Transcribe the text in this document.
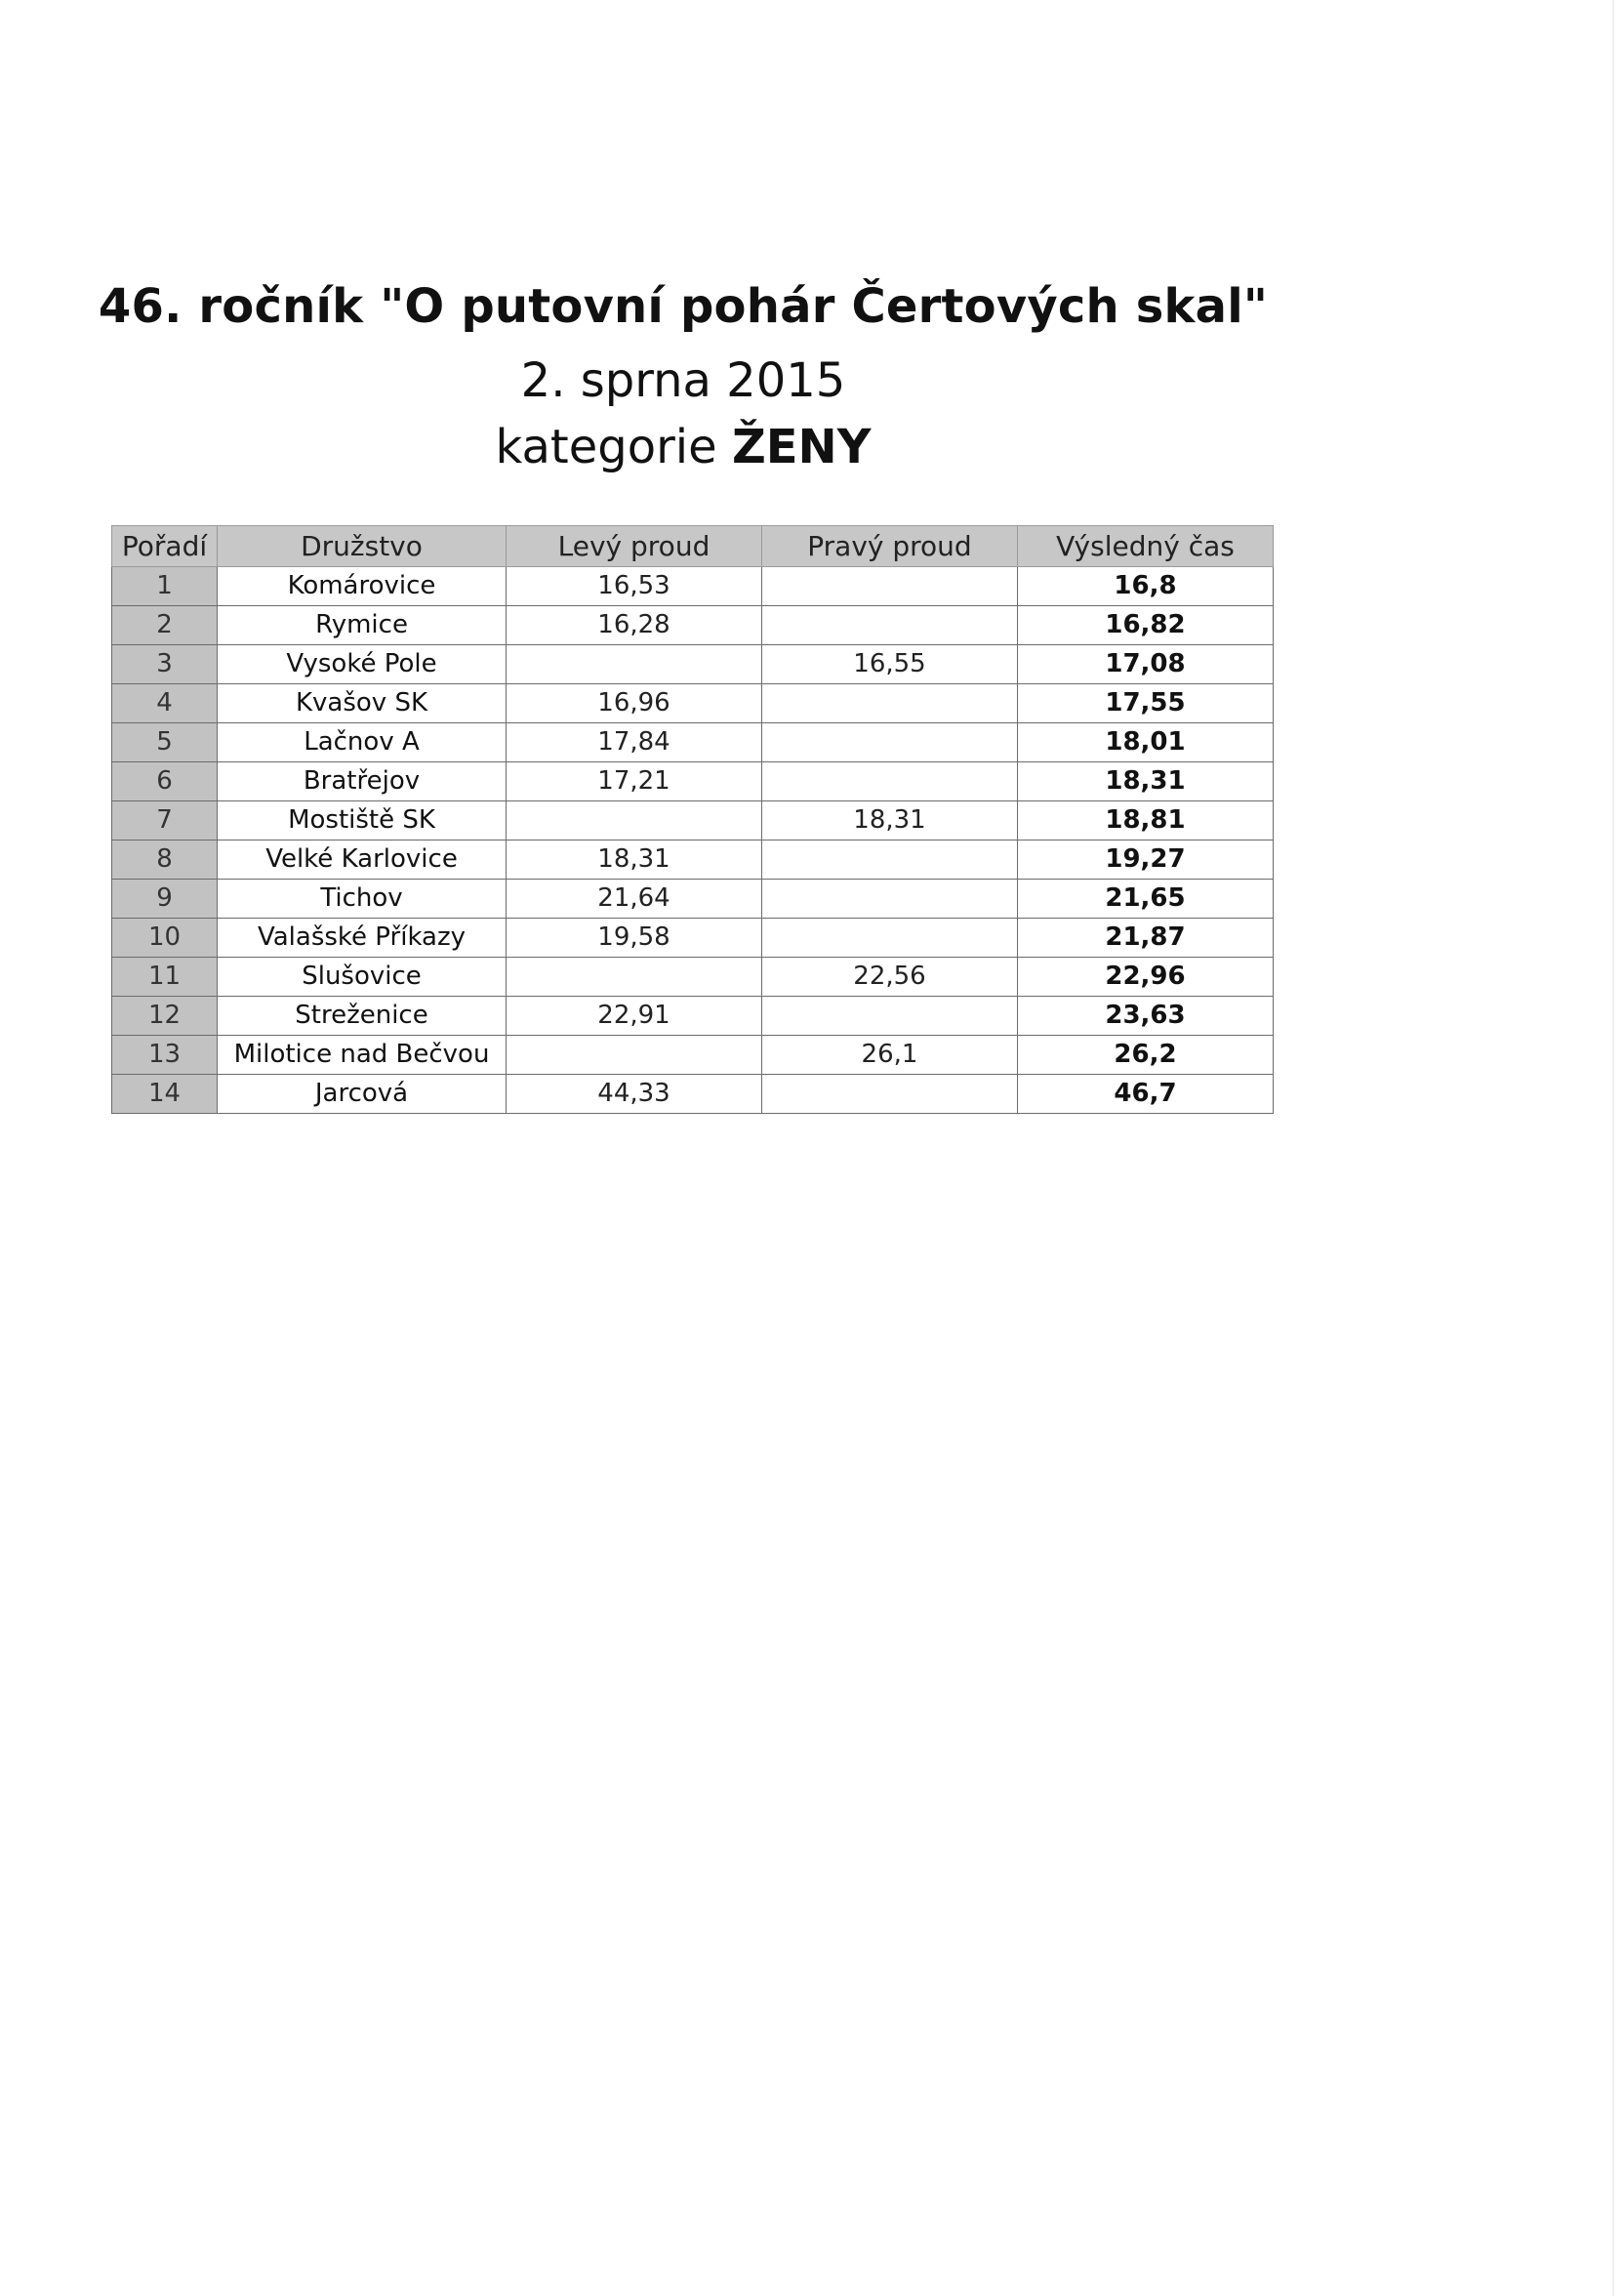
46. ročník "O putovní pohár Čertových skal"
2. sprna 2015
kategorie ŽENY
Pořadí	Družstvo	Levý proud	Pravý proud	Výsledný čas
1	Komárovice	16,53		16,8
2	Rymice	16,28		16,82
3	Vysoké Pole		16,55	17,08
4	Kvašov SK	16,96		17,55
5	Lačnov A	17,84		18,01
6	Bratřejov	17,21		18,31
7	Mostiště SK		18,31	18,81
8	Velké Karlovice	18,31		19,27
9	Tichov	21,64		21,65
10	Valašské Příkazy	19,58		21,87
11	Slušovice		22,56	22,96
12	Streženice	22,91		23,63
13	Milotice nad Bečvou		26,1	26,2
14	Jarcová	44,33		46,7
